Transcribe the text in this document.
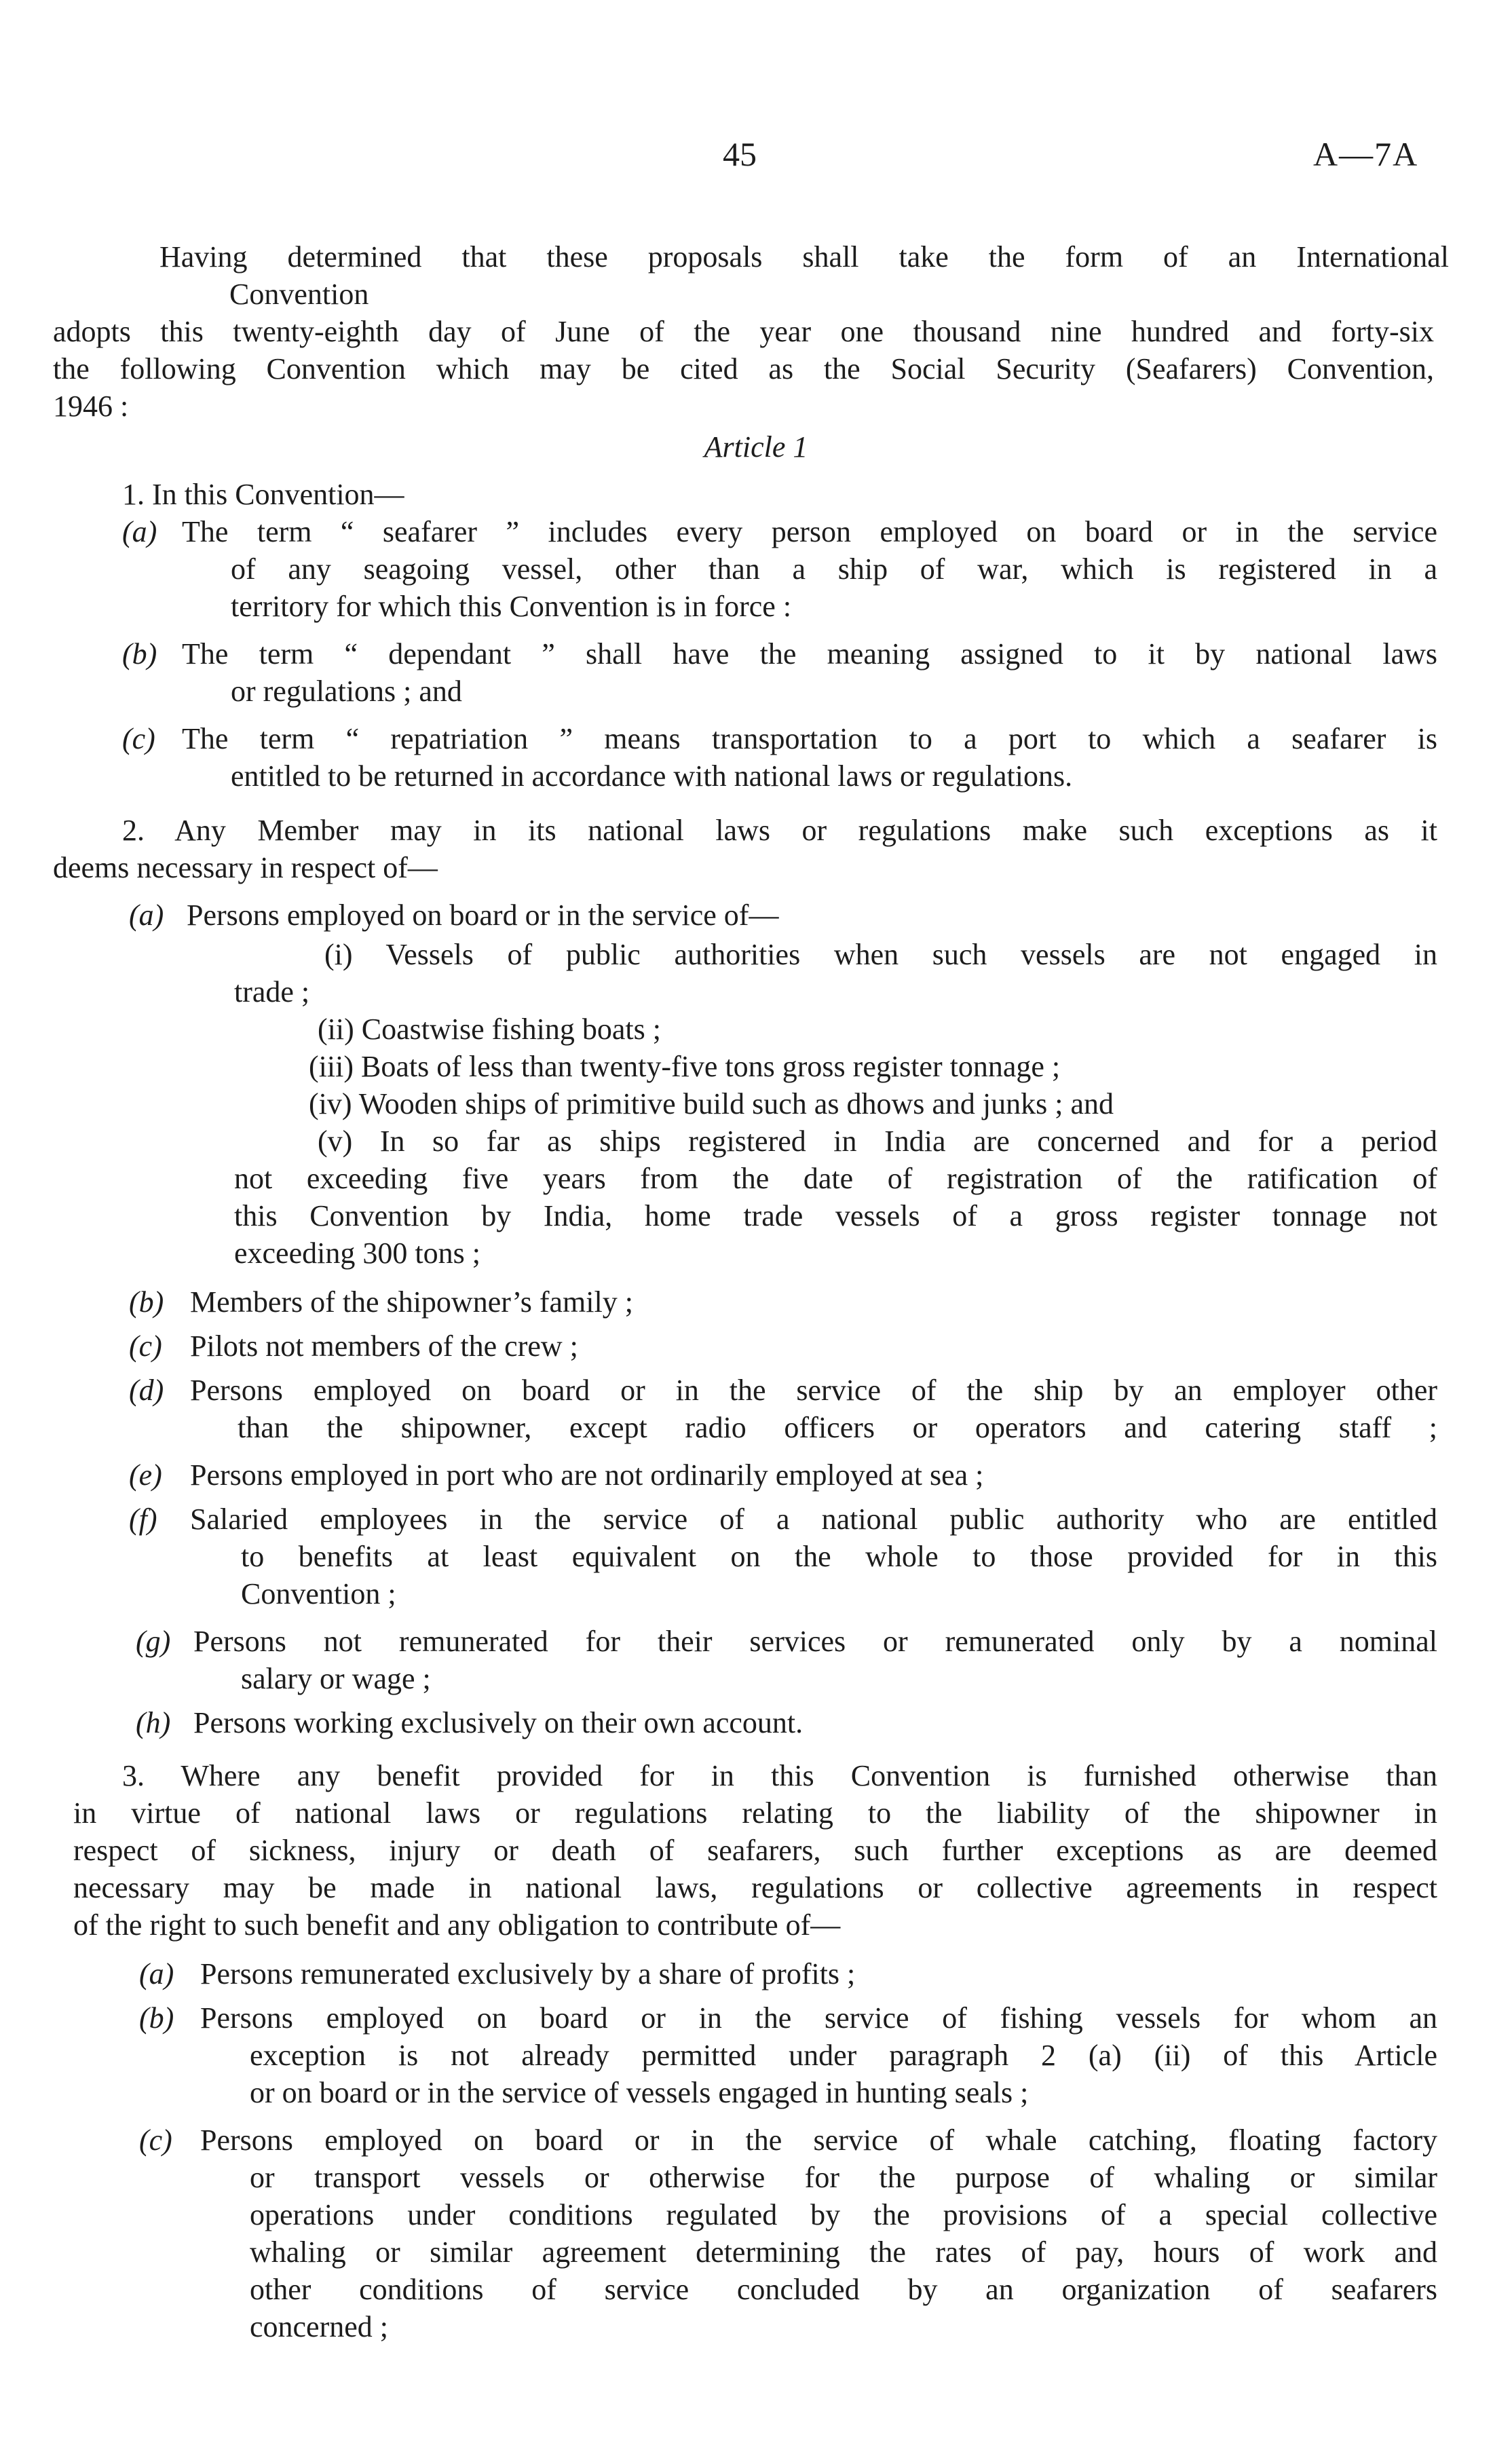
45	A—7A
Having determined that these proposals shall take the form of an International
Convention
adopts this twenty-eighth day of June of the year one thousand nine hundred and forty-six
the following Convention which may be cited as the Social Security (Seafarers) Convention,
1946 :
Article 1
1. In this Convention—
(a) The term “ seafarer ” includes every person employed on board or in the service
of any seagoing vessel, other than a ship of war, which is registered in a
territory for which this Convention is in force :
(b) The term “ dependant ” shall have the meaning assigned to it by national laws
or regulations ; and
(c) The term “ repatriation ” means transportation to a port to which a seafarer is
entitled to be returned in accordance with national laws or regulations.
2. Any Member may in its national laws or regulations make such exceptions as it
deems necessary in respect of—
(a) Persons employed on board or in the service of—
(i) Vessels of public authorities when such vessels are not engaged in
trade ;
(ii) Coastwise fishing boats ;
(iii) Boats of less than twenty-five tons gross register tonnage ;
(iv) Wooden ships of primitive build such as dhows and junks ; and
(v) In so far as ships registered in India are concerned and for a period
not exceeding five years from the date of registration of the ratification of
this Convention by India, home trade vessels of a gross register tonnage not
exceeding 300 tons ;
(b) Members of the shipowner’s family ;
(c) Pilots not members of the crew ;
(d) Persons employed on board or in the service of the ship by an employer other
than the shipowner, except radio officers or operators and catering staff ;
(e) Persons employed in port who are not ordinarily employed at sea ;
(f) Salaried employees in the service of a national public authority who are entitled
to benefits at least equivalent on the whole to those provided for in this
Convention ;
(g) Persons not remunerated for their services or remunerated only by a nominal
salary or wage ;
(h) Persons working exclusively on their own account.
3. Where any benefit provided for in this Convention is furnished otherwise than
in virtue of national laws or regulations relating to the liability of the shipowner in
respect of sickness, injury or death of seafarers, such further exceptions as are deemed
necessary may be made in national laws, regulations or collective agreements in respect
of the right to such benefit and any obligation to contribute of—
(a) Persons remunerated exclusively by a share of profits ;
(b) Persons employed on board or in the service of fishing vessels for whom an
exception is not already permitted under paragraph 2 (a) (ii) of this Article
or on board or in the service of vessels engaged in hunting seals ;
(c) Persons employed on board or in the service of whale catching, floating factory
or transport vessels or otherwise for the purpose of whaling or similar
operations under conditions regulated by the provisions of a special collective
whaling or similar agreement determining the rates of pay, hours of work and
other conditions of service concluded by an organization of seafarers
concerned ;
